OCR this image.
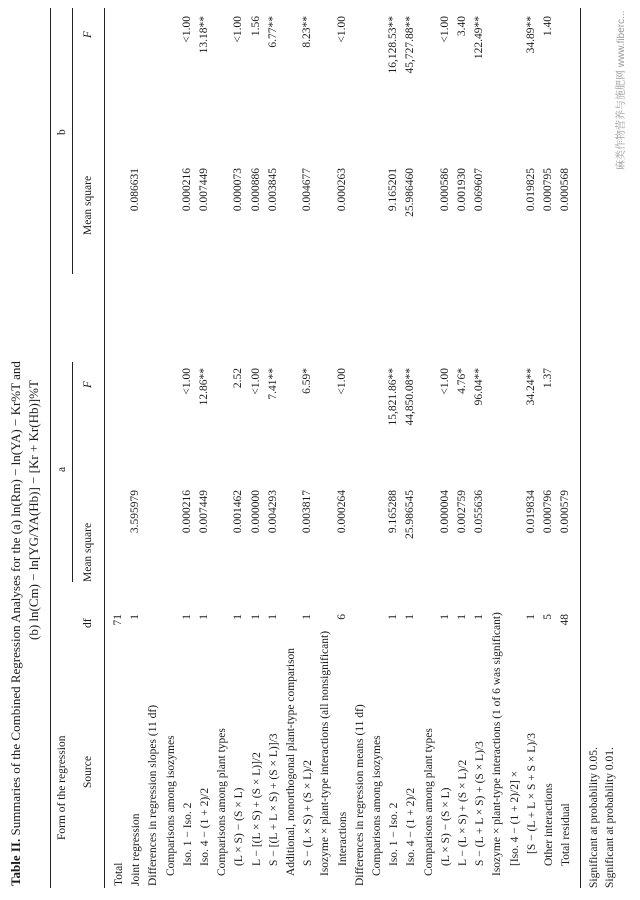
Table II. Summaries of the Combined Regression Analyses for the (a) ln(Rm) − ln(YA) − Kr%T and (b) ln(Cm) − ln[YG/YA(Hb)] − [Kr + Kr(Hb)]%T
Form of the regression
a
b
Source
df
Mean square
F
Mean square
F
Total
71
Joint regression
1
3.595979
0.086631
Differences in regression slopes (11 df) Comparisons among isozymes Iso. 1 − Iso. 2
1
0.000216
<1.00
0.000216
<1.00
Iso. 4 − (1 + 2)/2
1
0.007449
12.86**
0.007449
13.18**
Comparisons among plant types (L × S) − (S × L)
1
0.001462
2.52
0.000073
<1.00
L − [(L × S) + (S × L)]/2
1
0.000000
<1.00
0.000886
1.56
S − [(L + L × S) + (S × L)]/3
1
0.004293
7.41**
0.003845
6.77**
Additional, nonorthogonal plant-type comparison S − (L × S) + (S × L)/2
1
0.003817
6.59*
0.004677
8.23**
Isozyme × plant-type interactions (all nonsignificant) Interactions
6
0.000264
<1.00
0.000263
<1.00
Differences in regression means (11 df) Comparisons among isozymes Iso. 1 − Iso. 2
1
9.165288
15,821.86**
9.165201
16,128.53**
Iso. 4 − (1 + 2)/2
1
25.986545
44,850.08**
25.986460
45,727.88**
Comparisons among plant types (L × S) − (S × L)
1
0.000004
<1.00
0.000586
<1.00
L − (L × S) + (S × L)/2
1
0.002759
4.76*
0.001930
3.40
S − (L + L × S) + (S × L)/3
1
0.055636
96.04**
0.069607
122.49**
Isozyme × plant-type interactions (1 of 6 was significant) [Iso. 4 − (1 + 2)/2] × [S − (L + L × S + S × L)/3
1
0.019834
34.24**
0.019825
34.89**
Other interactions
5
0.000796
1.37
0.000795
1.40
Total residual
48
0.000579
0.000568
Significant at probability 0.05. Significant at probability 0.01.
麻类作物营养与施肥网 www.fiberc...
